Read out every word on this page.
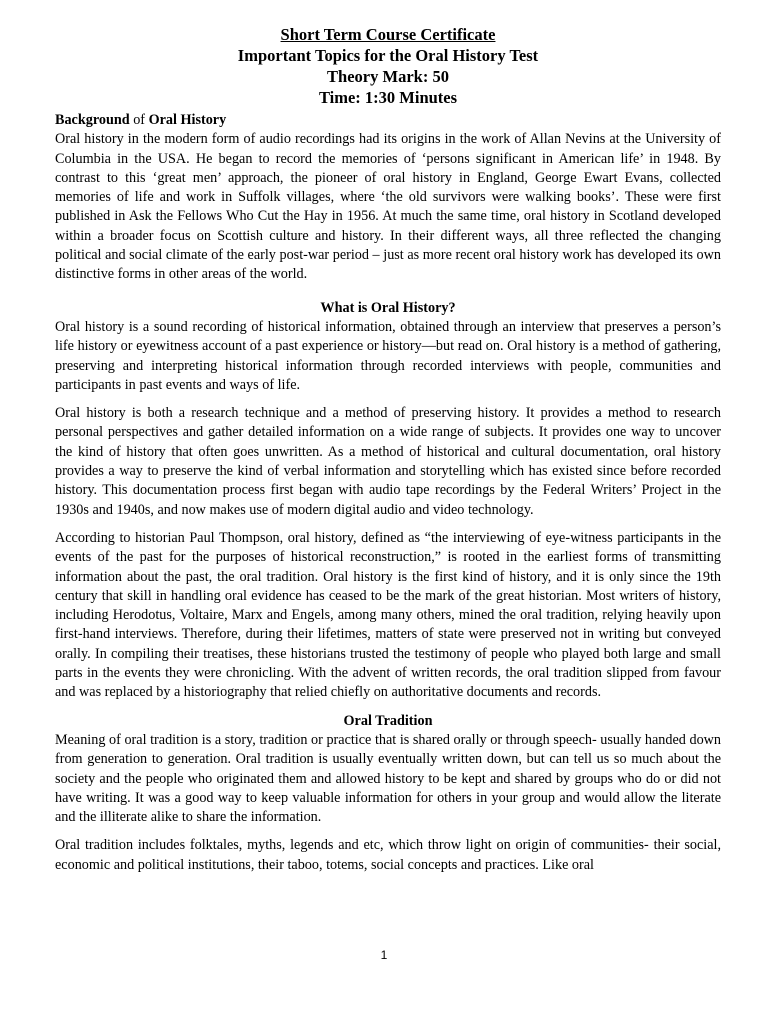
Short Term Course Certificate
Important Topics for the Oral History Test
Theory Mark: 50
Time: 1:30 Minutes
Background of Oral History

Oral history in the modern form of audio recordings had its origins in the work of Allan Nevins at the University of Columbia in the USA. He began to record the memories of ‘persons significant in American life’ in 1948. By contrast to this ‘great men’ approach, the pioneer of oral history in England, George Ewart Evans, collected memories of life and work in Suffolk villages, where ‘the old survivors were walking books’. These were first published in Ask the Fellows Who Cut the Hay in 1956. At much the same time, oral history in Scotland developed within a broader focus on Scottish culture and history. In their different ways, all three reflected the changing political and social climate of the early post-war period – just as more recent oral history work has developed its own distinctive forms in other areas of the world.

What is Oral History?

Oral history is a sound recording of historical information, obtained through an interview that preserves a person’s life history or eyewitness account of a past experience or history—but read on. Oral history is a method of gathering, preserving and interpreting historical information through recorded interviews with people, communities and participants in past events and ways of life.

Oral history is both a research technique and a method of preserving history. It provides a method to research personal perspectives and gather detailed information on a wide range of subjects. It provides one way to uncover the kind of history that often goes unwritten. As a method of historical and cultural documentation, oral history provides a way to preserve the kind of verbal information and storytelling which has existed since before recorded history. This documentation process first began with audio tape recordings by the Federal Writers’ Project in the 1930s and 1940s, and now makes use of modern digital audio and video technology.

According to historian Paul Thompson, oral history, defined as “the interviewing of eye-witness participants in the events of the past for the purposes of historical reconstruction,” is rooted in the earliest forms of transmitting information about the past, the oral tradition. Oral history is the first kind of history, and it is only since the 19th century that skill in handling oral evidence has ceased to be the mark of the great historian. Most writers of history, including Herodotus, Voltaire, Marx and Engels, among many others, mined the oral tradition, relying heavily upon first-hand interviews. Therefore, during their lifetimes, matters of state were preserved not in writing but conveyed orally. In compiling their treatises, these historians trusted the testimony of people who played both large and small parts in the events they were chronicling. With the advent of written records, the oral tradition slipped from favour and was replaced by a historiography that relied chiefly on authoritative documents and records.

Oral Tradition

Meaning of oral tradition is a story, tradition or practice that is shared orally or through speech- usually handed down from generation to generation. Oral tradition is usually eventually written down, but can tell us so much about the society and the people who originated them and allowed history to be kept and shared by groups who do or did not have writing. It was a good way to keep valuable information for others in your group and would allow the literate and the illiterate alike to share the information.

Oral tradition includes folktales, myths, legends and etc, which throw light on origin of communities- their social, economic and political institutions, their taboo, totems, social concepts and practices. Like oral

1
